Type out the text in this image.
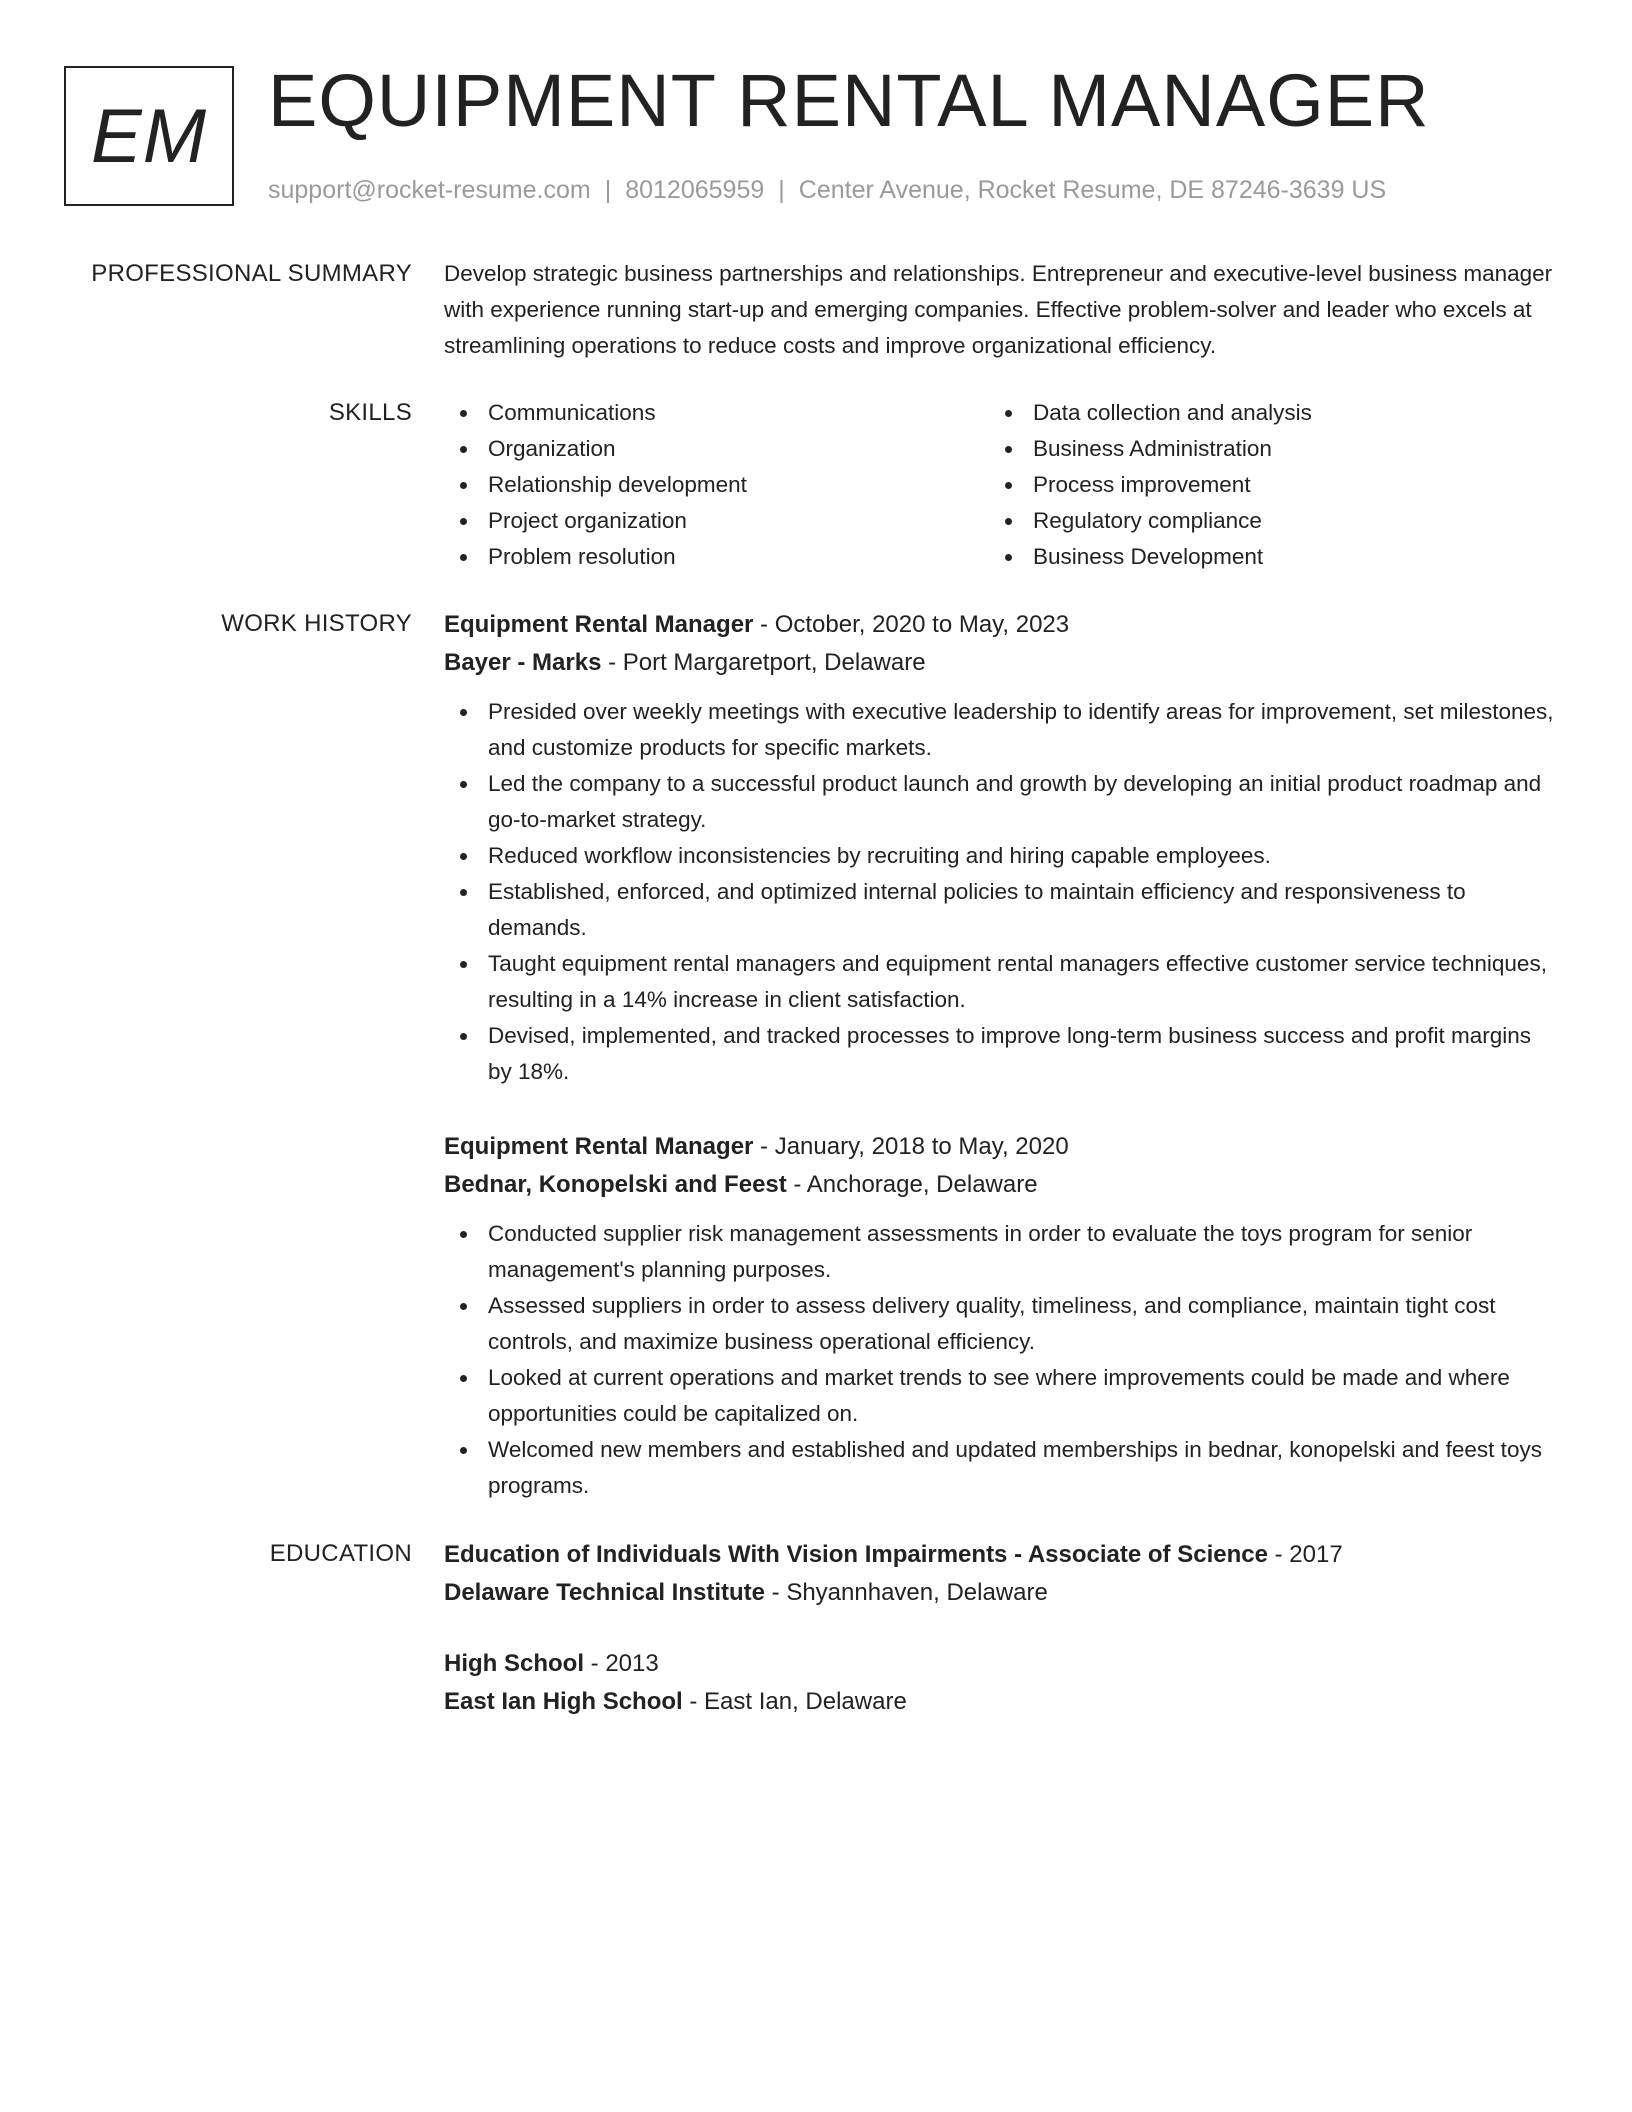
EM EQUIPMENT RENTAL MANAGER
support@rocket-resume.com | 8012065959 | Center Avenue, Rocket Resume, DE 87246-3639 US
PROFESSIONAL SUMMARY Develop strategic business partnerships and relationships. Entrepreneur and executive-level business manager with experience running start-up and emerging companies. Effective problem-solver and leader who excels at streamlining operations to reduce costs and improve organizational efficiency.

SKILLS	Communications
Organization
Relationship development
Project organization
Problem resolution
Data collection and analysis
Business Administration
Process improvement
Regulatory compliance
Business Development
WORK HISTORY Equipment Rental Manager - October, 2020 to May, 2023
Bayer - Marks - Port Margaretport, Delaware
Presided over weekly meetings with executive leadership to identify areas for improvement, set milestones, and customize products for specific markets.
Led the company to a successful product launch and growth by developing an initial product roadmap and go-to-market strategy.
Reduced workflow inconsistencies by recruiting and hiring capable employees.
Established, enforced, and optimized internal policies to maintain efficiency and responsiveness to demands.
Taught equipment rental managers and equipment rental managers effective customer service techniques, resulting in a 14% increase in client satisfaction.
Devised, implemented, and tracked processes to improve long-term business success and profit margins by 18%.
Equipment Rental Manager - January, 2018 to May, 2020
Bednar, Konopelski and Feest - Anchorage, Delaware
Conducted supplier risk management assessments in order to evaluate the toys program for senior management's planning purposes.
Assessed suppliers in order to assess delivery quality, timeliness, and compliance, maintain tight cost controls, and maximize business operational efficiency.
Looked at current operations and market trends to see where improvements could be made and where opportunities could be capitalized on.
Welcomed new members and established and updated memberships in bednar, konopelski and feest toys programs.
EDUCATION Education of Individuals With Vision Impairments - Associate of Science - 2017
Delaware Technical Institute - Shyannhaven, Delaware
High School - 2013
East Ian High School - East Ian, Delaware
